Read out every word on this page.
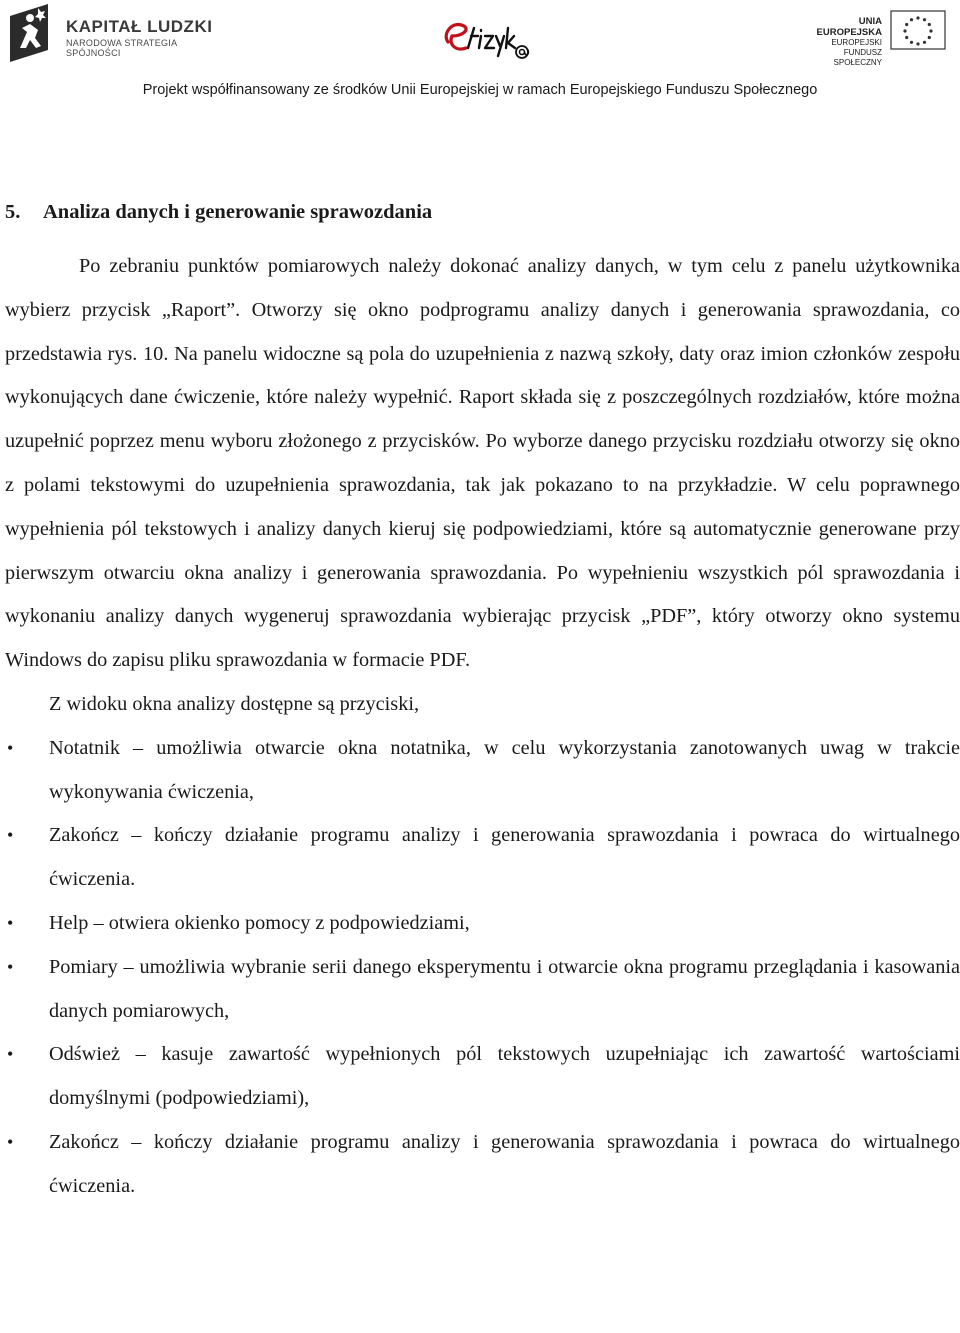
KAPITAŁ LUDZKI
NARODOWA STRATEGIA SPÓJNOŚCI
UNIA EUROPEJSKA
EUROPEJSKI
FUNDUSZ SPOŁECZNY
Projekt współfinansowany ze środków Unii Europejskiej w ramach Europejskiego Funduszu Społecznego
5. Analiza danych i generowanie sprawozdania

Po zebraniu punktów pomiarowych należy dokonać analizy danych, w tym celu z panelu użytkownika wybierz przycisk „Raport”. Otworzy się okno podprogramu analizy danych i generowania sprawozdania, co przedstawia rys. 10. Na panelu widoczne są pola do uzupełnienia z nazwą szkoły, daty oraz imion członków zespołu wykonujących dane ćwiczenie, które należy wypełnić. Raport składa się z poszczególnych rozdziałów, które można uzupełnić poprzez menu wyboru złożonego z przycisków. Po wyborze danego przycisku rozdziału otworzy się okno z polami tekstowymi do uzupełnienia sprawozdania, tak jak pokazano to na przykładzie. W celu poprawnego wypełnienia pól tekstowych i analizy danych kieruj się podpowiedziami, które są automatycznie generowane przy pierwszym otwarciu okna analizy i generowania sprawozdania. Po wypełnieniu wszystkich pól sprawozdania i wykonaniu analizy danych wygeneruj sprawozdania wybierając przycisk „PDF”, który otworzy okno systemu Windows do zapisu pliku sprawozdania w formacie PDF.

Z widoku okna analizy dostępne są przyciski,

• Notatnik – umożliwia otwarcie okna notatnika, w celu wykorzystania zanotowanych uwag w trakcie wykonywania ćwiczenia,
• Zakończ – kończy działanie programu analizy i generowania sprawozdania i powraca do wirtualnego ćwiczenia.
• Help – otwiera okienko pomocy z podpowiedziami,
• Pomiary – umożliwia wybranie serii danego eksperymentu i otwarcie okna programu przeglądania i kasowania danych pomiarowych,
• Odśwież – kasuje zawartość wypełnionych pól tekstowych uzupełniając ich zawartość wartościami domyślnymi (podpowiedziami),
• Zakończ – kończy działanie programu analizy i generowania sprawozdania i powraca do wirtualnego ćwiczenia.
